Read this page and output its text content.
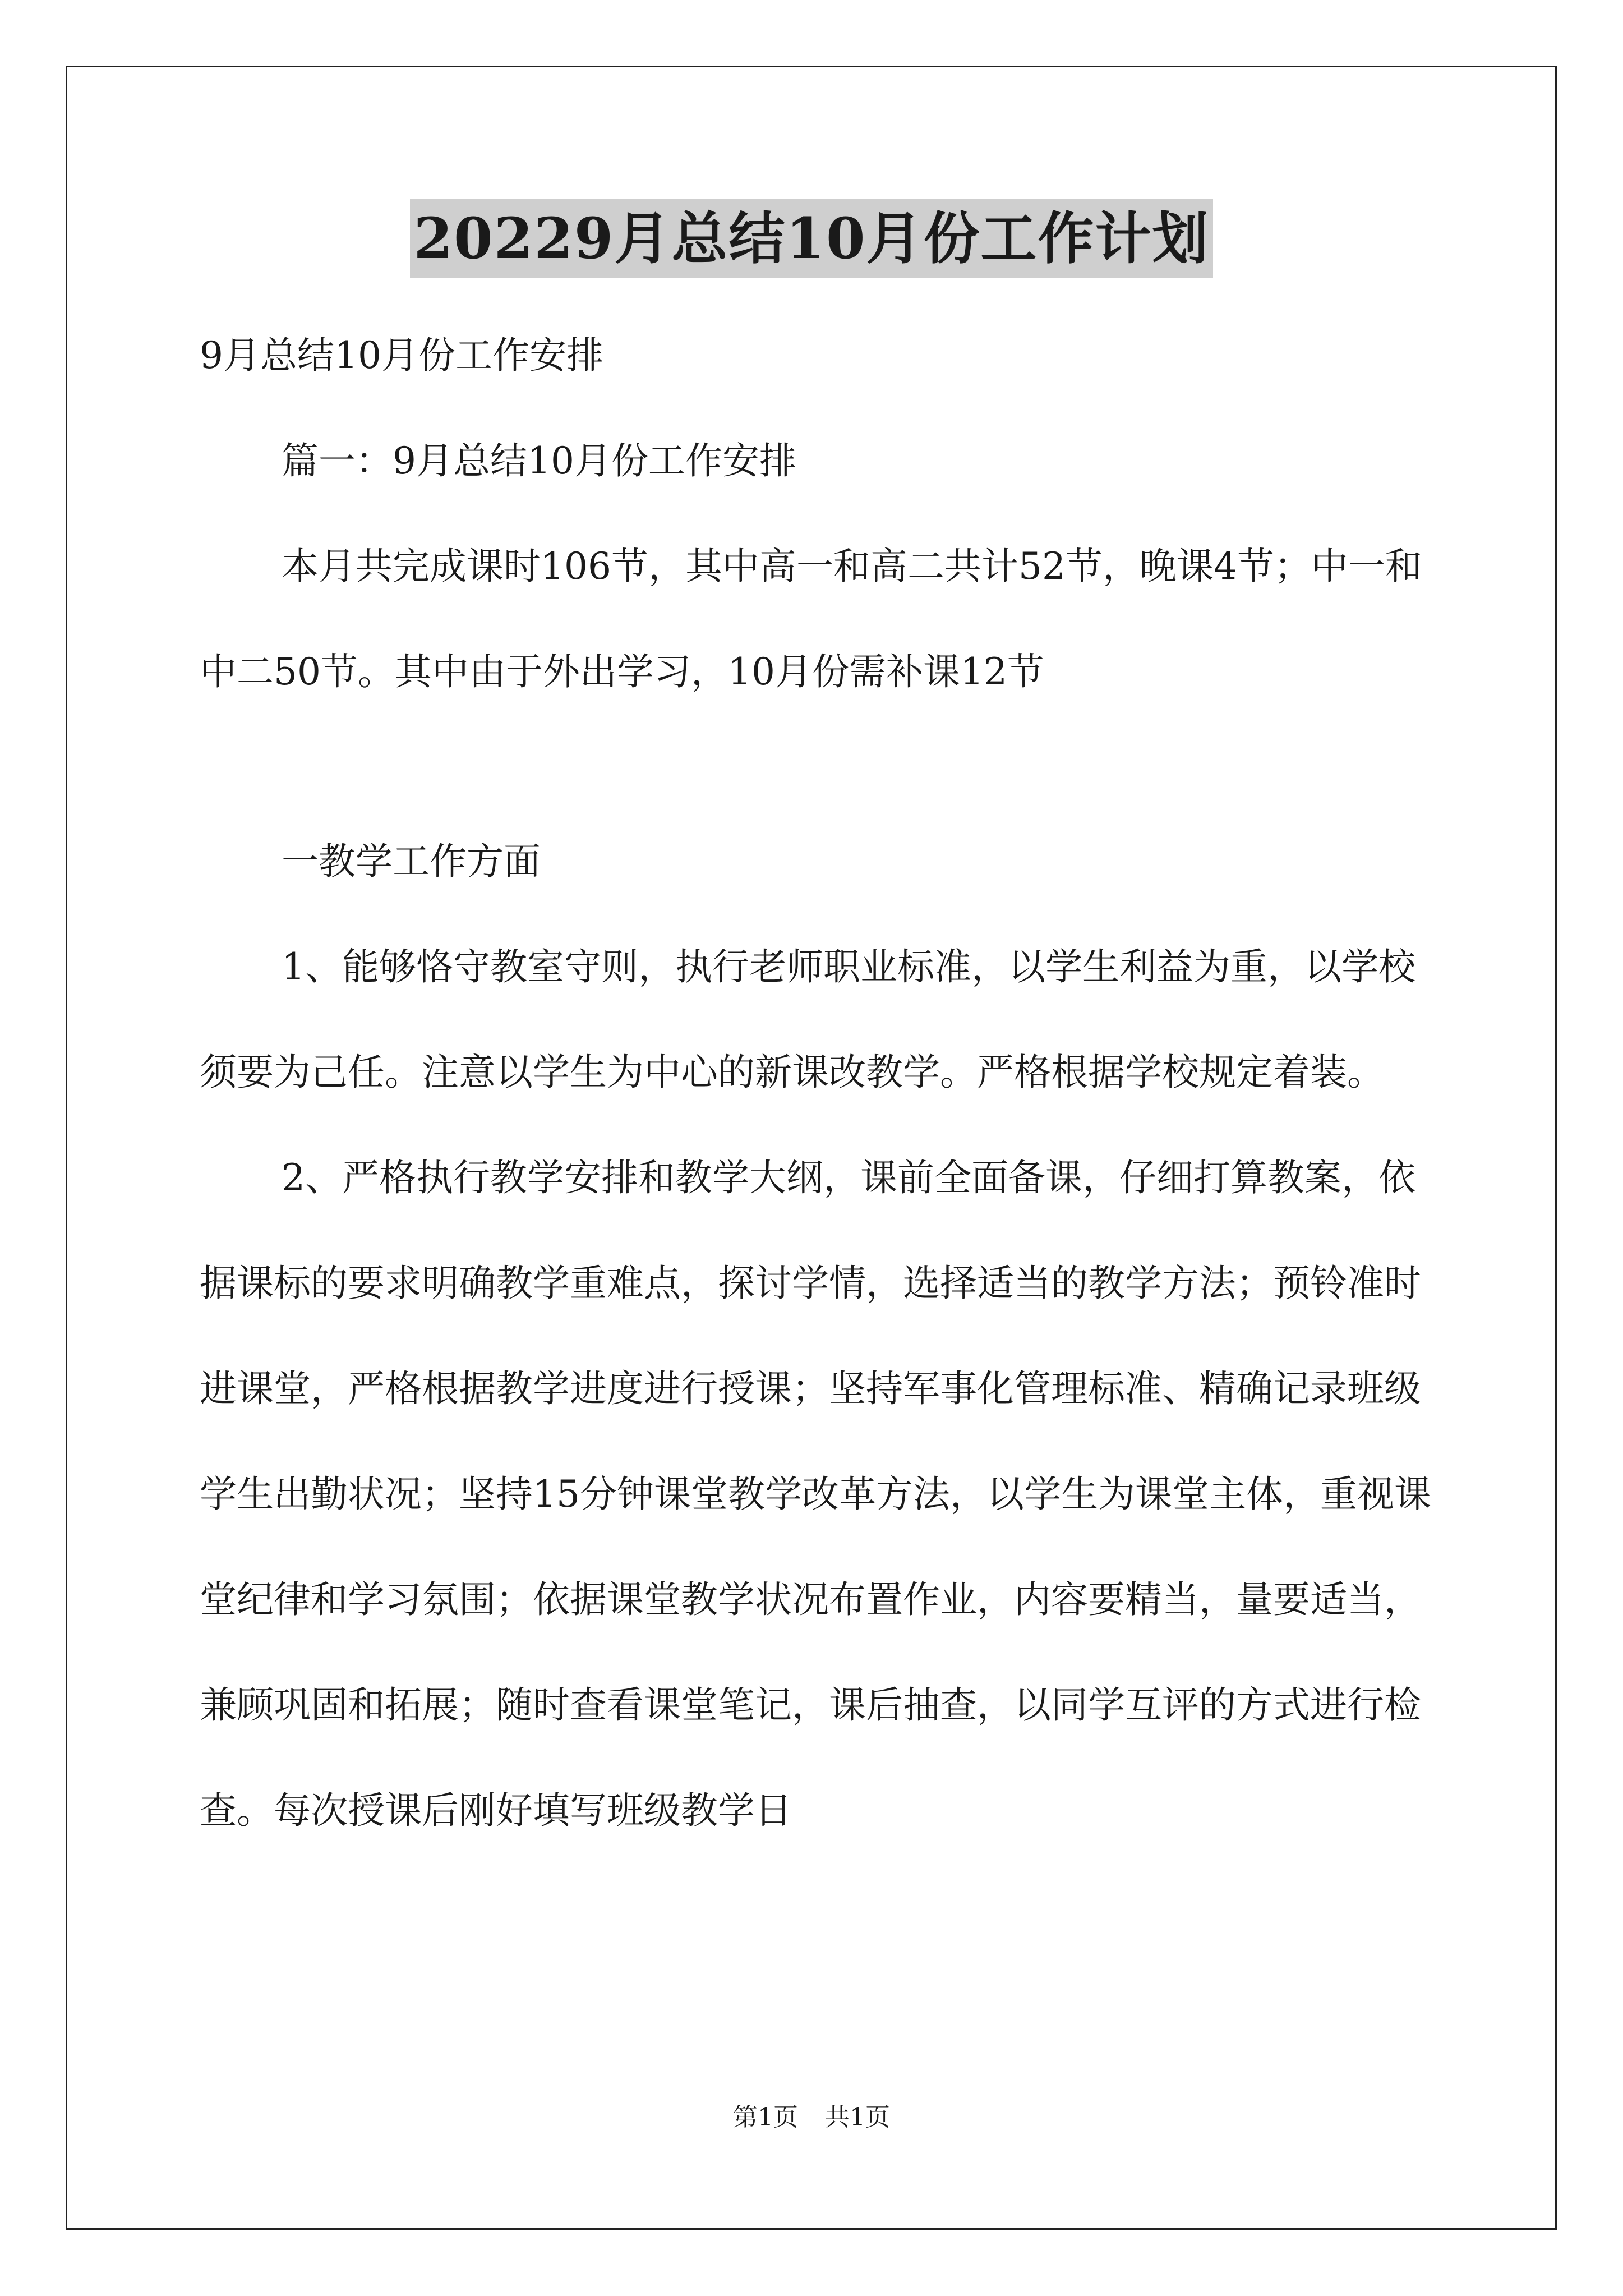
20229月总结10月份工作计划

9月总结10月份工作安排

篇一：9月总结10月份工作安排

本月共完成课时106节，其中高一和高二共计52节，晚课4节；中一和中二50节。其中由于外出学习，10月份需补课12节

一教学工作方面

1、能够恪守教室守则，执行老师职业标准，以学生利益为重，以学校须要为己任。注意以学生为中心的新课改教学。严格根据学校规定着装。

2、严格执行教学安排和教学大纲，课前全面备课，仔细打算教案，依据课标的要求明确教学重难点，探讨学情，选择适当的教学方法；预铃准时进课堂，严格根据教学进度进行授课；坚持军事化管理标准、精确记录班级学生出勤状况；坚持15分钟课堂教学改革方法，以学生为课堂主体，重视课堂纪律和学习氛围；依据课堂教学状况布置作业，内容要精当，量要适当，兼顾巩固和拓展；随时查看课堂笔记，课后抽查，以同学互评的方式进行检查。每次授课后刚好填写班级教学日

第1页 共1页
